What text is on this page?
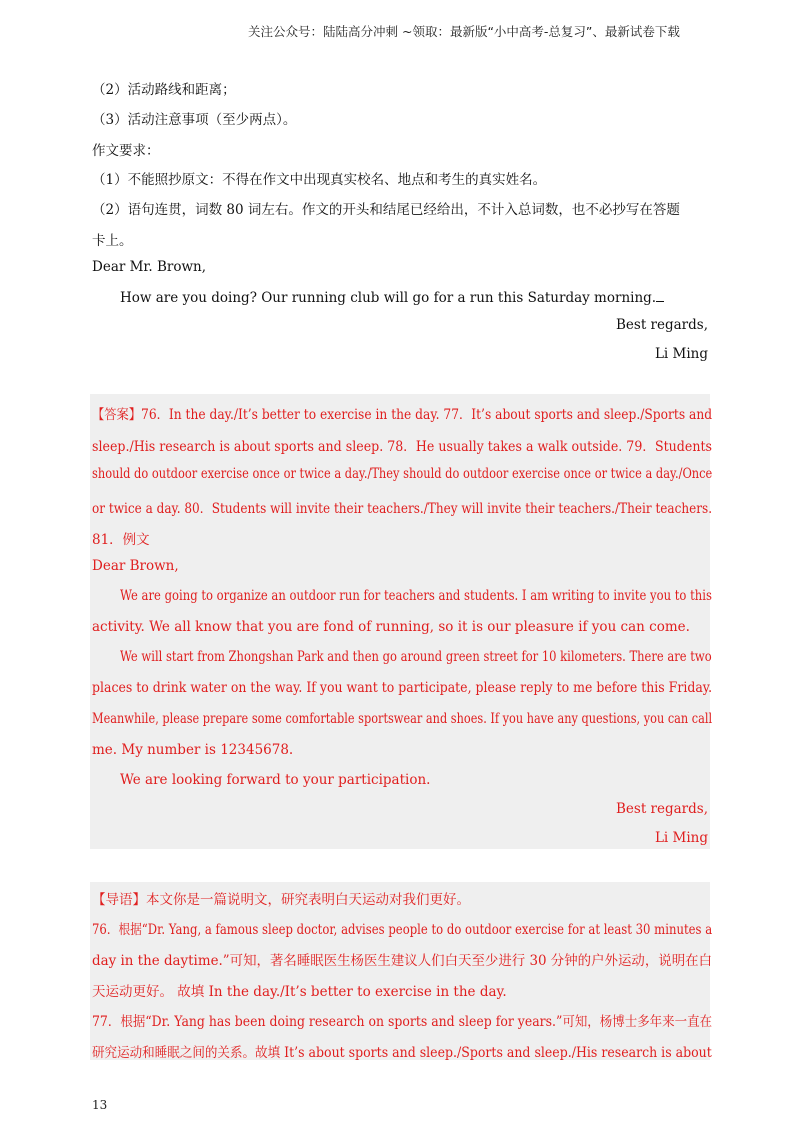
关注公众号：陆陆高分冲刺 ~领取：最新版“小中高考-总复习”、最新试卷下载
（2）活动路线和距离；
（3）活动注意事项（至少两点）。
作文要求：
（1）不能照抄原文：不得在作文中出现真实校名、地点和考生的真实姓名。
（2）语句连贯，词数 80 词左右。作文的开头和结尾已经给出，不计入总词数，也不必抄写在答题
卡上。
Dear Mr. Brown,
How are you doing? Our running club will go for a run this Saturday morning.
Best regards,
Li Ming
【答案】76．In the day./It’s better to exercise in the day. 77．It’s about sports and sleep./Sports and
sleep./His research is about sports and sleep. 78．He usually takes a walk outside. 79．Students
should do outdoor exercise once or twice a day./They should do outdoor exercise once or twice a day./Once
or twice a day. 80．Students will invite their teachers./They will invite their teachers./Their teachers.
81．例文
Dear Brown,
We are going to organize an outdoor run for teachers and students. I am writing to invite you to this
activity. We all know that you are fond of running, so it is our pleasure if you can come.
We will start from Zhongshan Park and then go around green street for 10 kilometers. There are two
places to drink water on the way. If you want to participate, please reply to me before this Friday.
Meanwhile, please prepare some comfortable sportswear and shoes. If you have any questions, you can call
me. My number is 12345678.
We are looking forward to your participation.
Best regards,
Li Ming
【导语】本文你是一篇说明文，研究表明白天运动对我们更好。
76．根据“Dr. Yang, a famous sleep doctor, advises people to do outdoor exercise for at least 30 minutes a
day in the daytime.”可知，著名睡眠医生杨医生建议人们白天至少进行 30 分钟的户外运动，说明在白
天运动更好。 故填 In the day./It’s better to exercise in the day.
77．根据“Dr. Yang has been doing research on sports and sleep for years.”可知，杨博士多年来一直在
研究运动和睡眠之间的关系。故填 It’s about sports and sleep./Sports and sleep./His research is about
13
